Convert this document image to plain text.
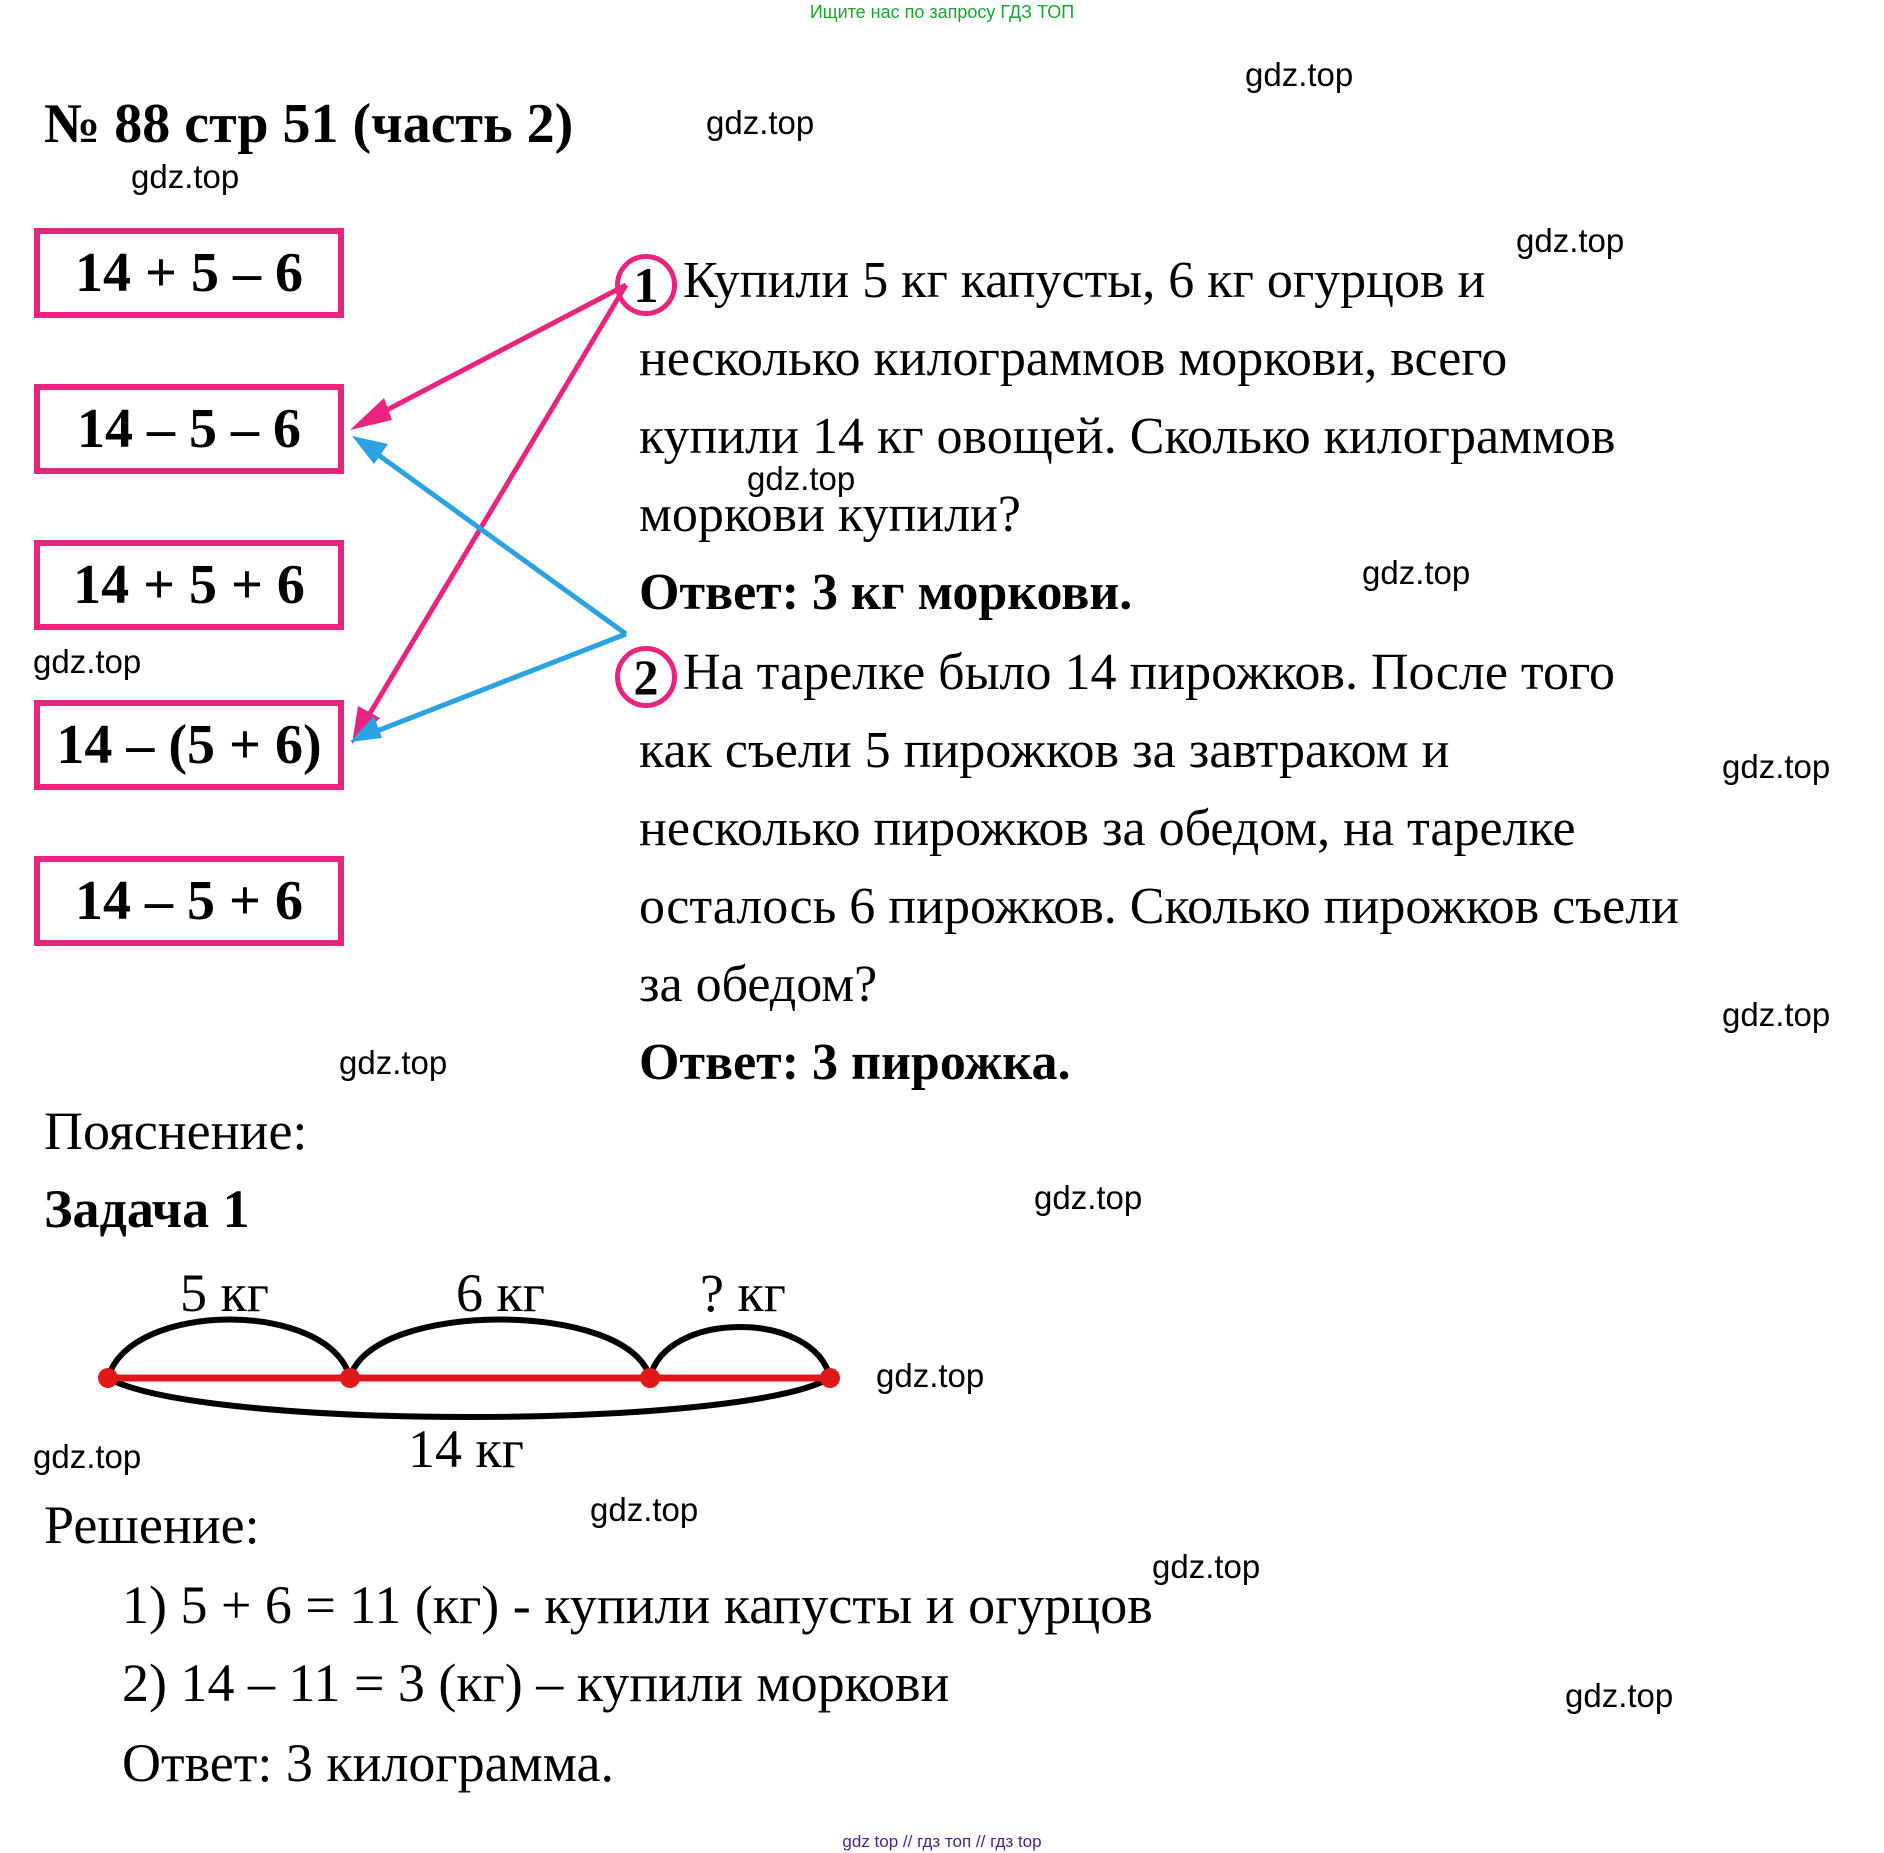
Ищите нас по запросу ГДЗ ТОП
№ 88 стр 51 (часть 2)
gdz.top
gdz.top
gdz.top
gdz.top
gdz.top
gdz.top
gdz.top
gdz.top
gdz.top
gdz.top
gdz.top
gdz.top
gdz.top
gdz.top
gdz.top
gdz.top
14 + 5 – 6
14 – 5 – 6
14 + 5 + 6
14 – (5 + 6)
14 – 5 + 6
1 Купили 5 кг капусты, 6 кг огурцов и
несколько килограммов моркови, всего
купили 14 кг овощей. Сколько килограммов
моркови купили?
Ответ: 3 кг моркови.
2 На тарелке было 14 пирожков. После того
как съели 5 пирожков за завтраком и
несколько пирожков за обедом, на тарелке
осталось 6 пирожков. Сколько пирожков съели
за обедом?
Ответ: 3 пирожка.
Пояснение:
Задача 1
5 кг	6 кг	? кг
14 кг
Решение:
1) 5 + 6 = 11 (кг) - купили капусты и огурцов
2) 14 – 11 = 3 (кг) – купили моркови
Ответ: 3 килограмма.
gdz top // гдз топ // гдз top
